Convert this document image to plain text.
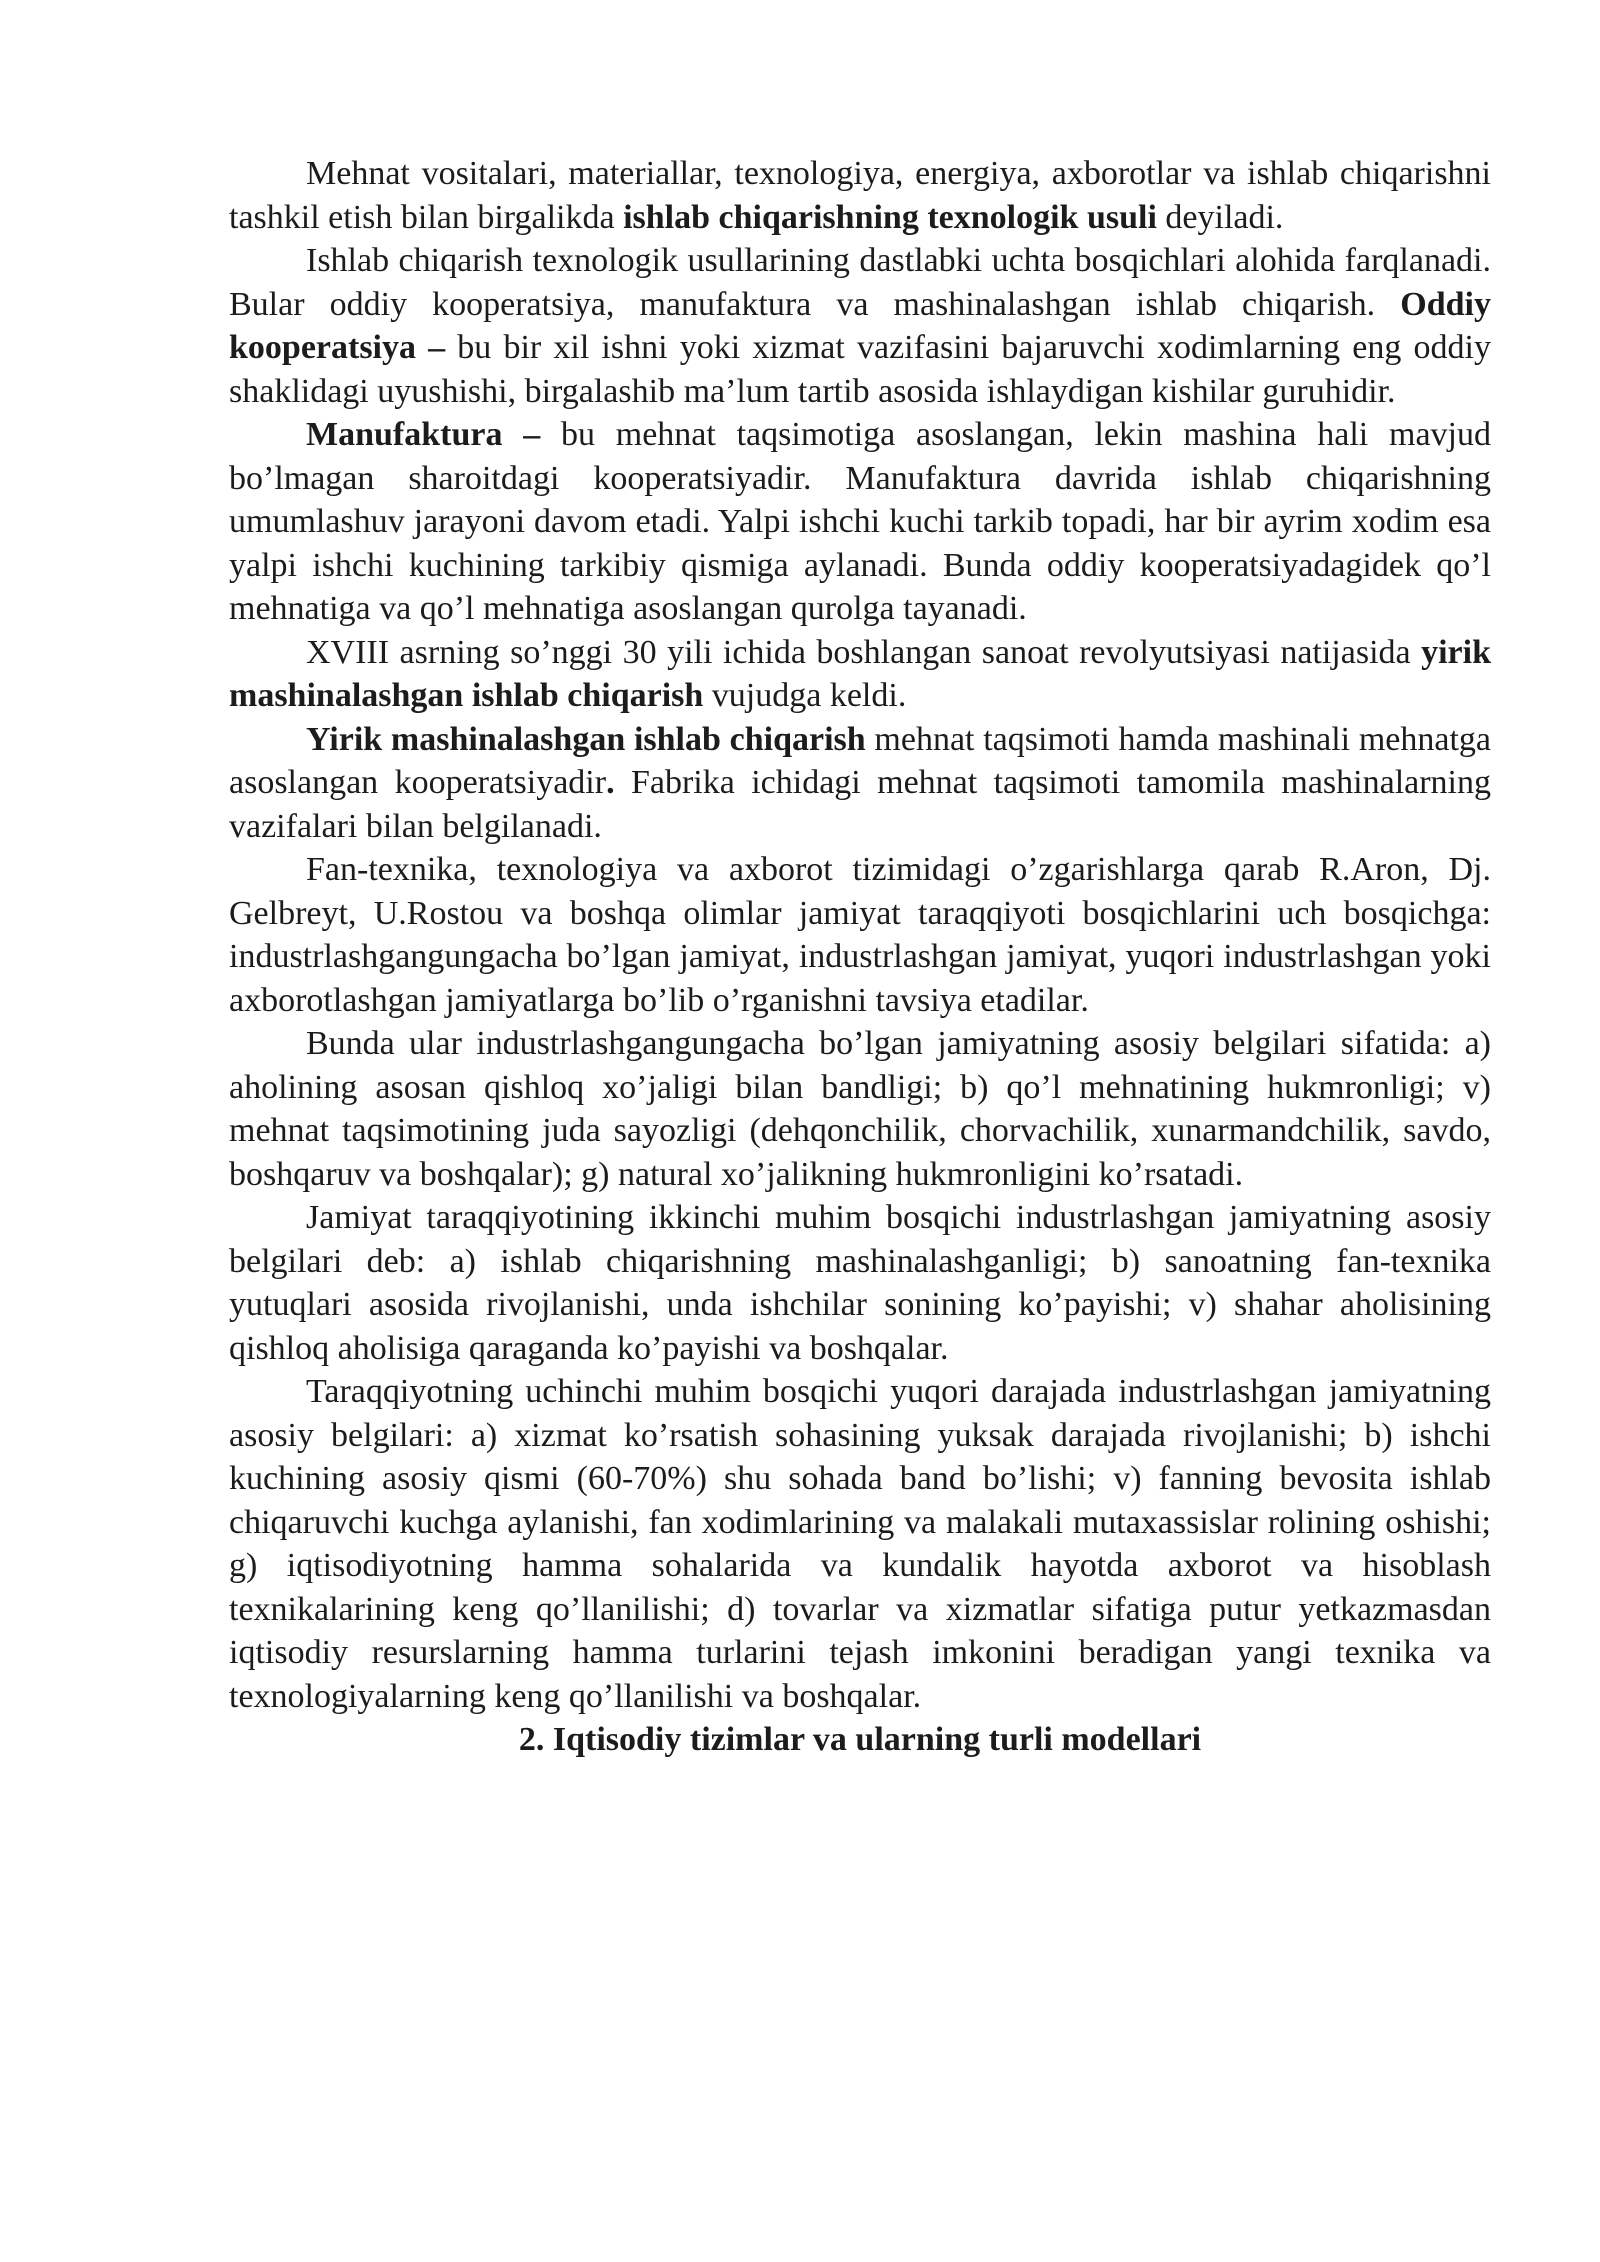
Mehnat vositalari, materiallar, texnologiya, energiya, axborotlar va ishlab chiqarishni tashkil etish bilan birgalikda ishlab chiqarishning texnologik usuli deyiladi.

Ishlab chiqarish texnologik usullarining dastlabki uchta bosqichlari alohida farqlanadi. Bular oddiy kooperatsiya, manufaktura va mashinalashgan ishlab chiqarish. Oddiy kooperatsiya – bu bir xil ishni yoki xizmat vazifasini bajaruvchi xodimlarning eng oddiy shaklidagi uyushishi, birgalashib ma’lum tartib asosida ishlaydigan kishilar guruhidir.

Manufaktura – bu mehnat taqsimotiga asoslangan, lekin mashina hali mavjud bo’lmagan sharoitdagi kooperatsiyadir. Manufaktura davrida ishlab chiqarishning umumlashuv jarayoni davom etadi. Yalpi ishchi kuchi tarkib topadi, har bir ayrim xodim esa yalpi ishchi kuchining tarkibiy qismiga aylanadi. Bunda oddiy kooperatsiyadagidek qo’l mehnatiga va qo’l mehnatiga asoslangan qurolga tayanadi.

XVIII asrning so’nggi 30 yili ichida boshlangan sanoat revolyutsiyasi natijasida yirik mashinalashgan ishlab chiqarish vujudga keldi.

Yirik mashinalashgan ishlab chiqarish mehnat taqsimoti hamda mashinali mehnatga asoslangan kooperatsiyadir. Fabrika ichidagi mehnat taqsimoti tamomila mashinalarning vazifalari bilan belgilanadi.

Fan-texnika, texnologiya va axborot tizimidagi o’zgarishlarga qarab R.Aron, Dj. Gelbreyt, U.Rostou va boshqa olimlar jamiyat taraqqiyoti bosqichlarini uch bosqichga: industrlashgangungacha bo’lgan jamiyat, industrlashgan jamiyat, yuqori industrlashgan yoki axborotlashgan jamiyatlarga bo’lib o’rganishni tavsiya etadilar.

Bunda ular industrlashgangungacha bo’lgan jamiyatning asosiy belgilari sifatida: a) aholining asosan qishloq xo’jaligi bilan bandligi; b) qo’l mehnatining hukmronligi; v) mehnat taqsimotining juda sayozligi (dehqonchilik, chorvachilik, xunarmandchilik, savdo, boshqaruv va boshqalar); g) natural xo’jalikning hukmronligini ko’rsatadi.

Jamiyat taraqqiyotining ikkinchi muhim bosqichi industrlashgan jamiyatning asosiy belgilari deb: a) ishlab chiqarishning mashinalashganligi; b) sanoatning fan-texnika yutuqlari asosida rivojlanishi, unda ishchilar sonining ko’payishi; v) shahar aholisining qishloq aholisiga qaraganda ko’payishi va boshqalar.

Taraqqiyotning uchinchi muhim bosqichi yuqori darajada industrlashgan jamiyatning asosiy belgilari: a) xizmat ko’rsatish sohasining yuksak darajada rivojlanishi; b) ishchi kuchining asosiy qismi (60-70%) shu sohada band bo’lishi; v) fanning bevosita ishlab chiqaruvchi kuchga aylanishi, fan xodimlarining va malakali mutaxassislar rolining oshishi; g) iqtisodiyotning hamma sohalarida va kundalik hayotda axborot va hisoblash texnikalarining keng qo’llanilishi; d) tovarlar va xizmatlar sifatiga putur yetkazmasdan iqtisodiy resurslarning hamma turlarini tejash imkonini beradigan yangi texnika va texnologiyalarning keng qo’llanilishi va boshqalar.

2. Iqtisodiy tizimlar va ularning turli modellari
